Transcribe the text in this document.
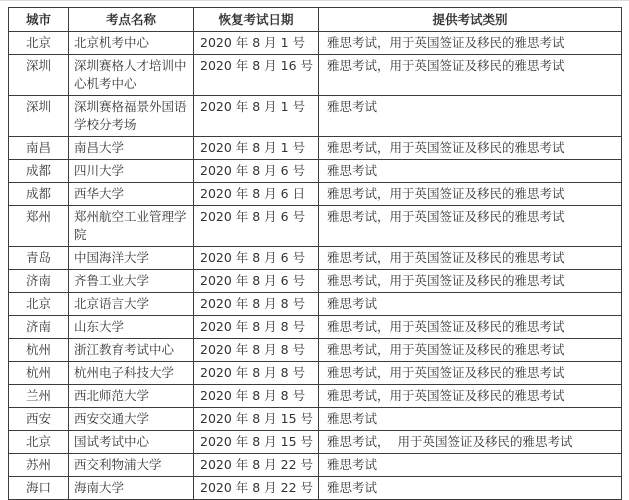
城市	考点名称	恢复考试日期	提供考试类别
北京	北京机考中心	2020 年 8 月 1 号	雅思考试，用于英国签证及移民的雅思考试
深圳	深圳赛格人才培训中心机考中心	2020 年 8 月 16 号	雅思考试，用于英国签证及移民的雅思考试
深圳	深圳赛格福景外国语学校分考场	2020 年 8 月 1 号	雅思考试
南昌	南昌大学	2020 年 8 月 1 号	雅思考试，用于英国签证及移民的雅思考试
成都	四川大学	2020 年 8 月 6 号	雅思考试
成都	西华大学	2020 年 8 月 6 日	雅思考试，用于英国签证及移民的雅思考试
郑州	郑州航空工业管理学院	2020 年 8 月 6 号	雅思考试，用于英国签证及移民的雅思考试
青岛	中国海洋大学	2020 年 8 月 6 号	雅思考试，用于英国签证及移民的雅思考试
济南	齐鲁工业大学	2020 年 8 月 6 号	雅思考试，用于英国签证及移民的雅思考试
北京	北京语言大学	2020 年 8 月 8 号	雅思考试
济南	山东大学	2020 年 8 月 8 号	雅思考试，用于英国签证及移民的雅思考试
杭州	浙江教育考试中心	2020 年 8 月 8 号	雅思考试，用于英国签证及移民的雅思考试
杭州	杭州电子科技大学	2020 年 8 月 8 号	雅思考试，用于英国签证及移民的雅思考试
兰州	西北师范大学	2020 年 8 月 8 号	雅思考试，用于英国签证及移民的雅思考试
西安	西安交通大学	2020 年 8 月 15 号	雅思考试
北京	国试考试中心	2020 年 8 月 15 号	雅思考试，  用于英国签证及移民的雅思考试
苏州	西交利物浦大学	2020 年 8 月 22 号	雅思考试
海口	海南大学	2020 年 8 月 22 号	雅思考试
